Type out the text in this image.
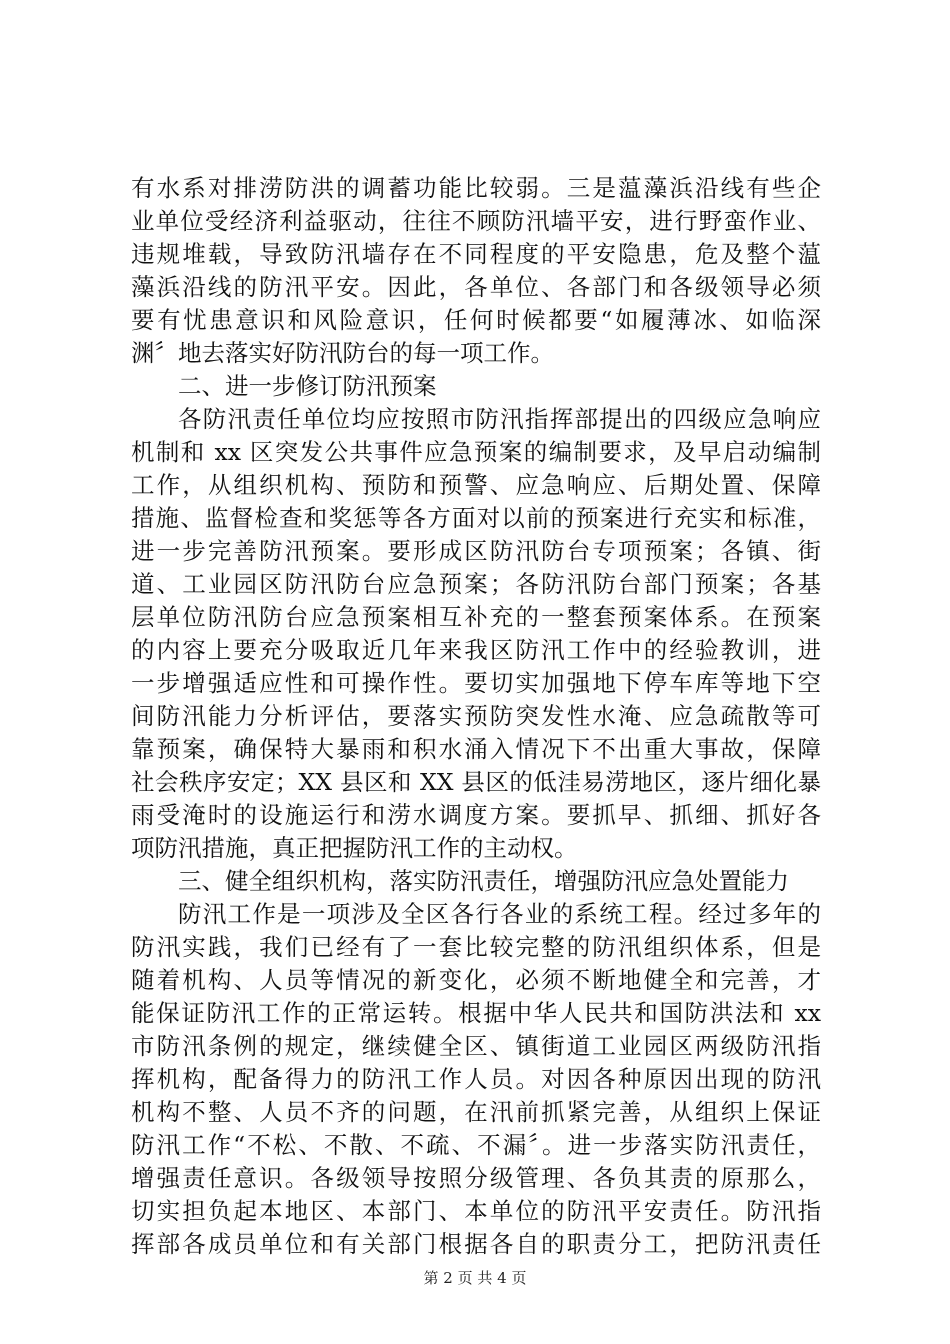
有水系对排涝防洪的调蓄功能比较弱。三是蕰藻浜沿线有些企
业单位受经济利益驱动，往往不顾防汛墙平安，进行野蛮作业、
违规堆载，导致防汛墙存在不同程度的平安隐患，危及整个蕰
藻浜沿线的防汛平安。因此，各单位、各部门和各级领导必须
要有忧患意识和风险意识，任何时候都要“如履薄冰、如临深
渊〞地去落实好防汛防台的每一项工作。
二、进一步修订防汛预案
各防汛责任单位均应按照市防汛指挥部提出的四级应急响应
机制和 xx 区突发公共事件应急预案的编制要求，及早启动编制
工作，从组织机构、预防和预警、应急响应、后期处置、保障
措施、监督检查和奖惩等各方面对以前的预案进行充实和标准，
进一步完善防汛预案。要形成区防汛防台专项预案；各镇、街
道、工业园区防汛防台应急预案；各防汛防台部门预案；各基
层单位防汛防台应急预案相互补充的一整套预案体系。在预案
的内容上要充分吸取近几年来我区防汛工作中的经验教训，进
一步增强适应性和可操作性。要切实加强地下停车库等地下空
间防汛能力分析评估，要落实预防突发性水淹、应急疏散等可
靠预案，确保特大暴雨和积水涌入情况下不出重大事故，保障
社会秩序安定；XX 县区和 XX 县区的低洼易涝地区，逐片细化暴
雨受淹时的设施运行和涝水调度方案。要抓早、抓细、抓好各
项防汛措施，真正把握防汛工作的主动权。
三、健全组织机构，落实防汛责任，增强防汛应急处置能力
防汛工作是一项涉及全区各行各业的系统工程。经过多年的
防汛实践，我们已经有了一套比较完整的防汛组织体系，但是
随着机构、人员等情况的新变化，必须不断地健全和完善，才
能保证防汛工作的正常运转。根据中华人民共和国防洪法和 xx
市防汛条例的规定，继续健全区、镇街道工业园区两级防汛指
挥机构，配备得力的防汛工作人员。对因各种原因出现的防汛
机构不整、人员不齐的问题，在汛前抓紧完善，从组织上保证
防汛工作“不松、不散、不疏、不漏〞。进一步落实防汛责任，
增强责任意识。各级领导按照分级管理、各负其责的原那么，
切实担负起本地区、本部门、本单位的防汛平安责任。防汛指
挥部各成员单位和有关部门根据各自的职责分工，把防汛责任
第 2 页 共 4 页
